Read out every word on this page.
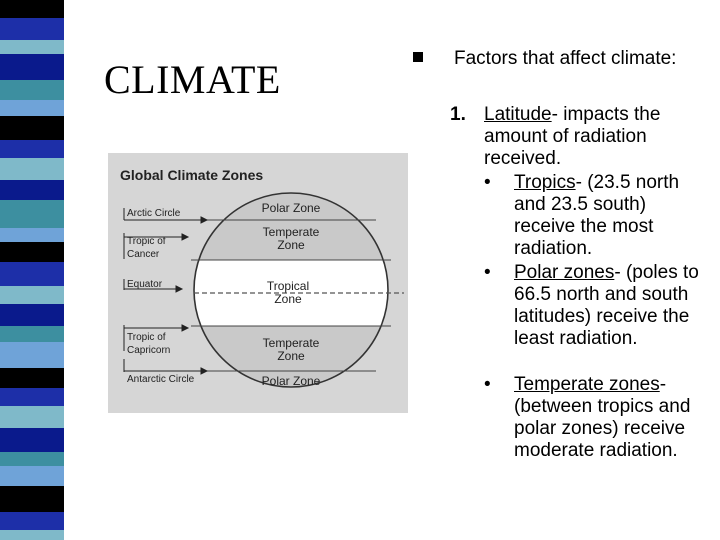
CLIMATE	Factors that affect climate:
1. Latitude- impacts the amount of radiation received.
•	Tropics- (23.5 north and 23.5 south) receive the most radiation.
•	Polar zones- (poles to 66.5 north and south latitudes) receive the least radiation.
•	Temperate zones- (between tropics and polar zones) receive moderate radiation.
Global Climate Zones
Arctic Circle
Tropic of
Cancer
Equator
Tropic of
Capricorn
Antarctic Circle
Polar Zone
Temperate
Zone
Tropical
Zone
Temperate
Zone
Polar Zone
